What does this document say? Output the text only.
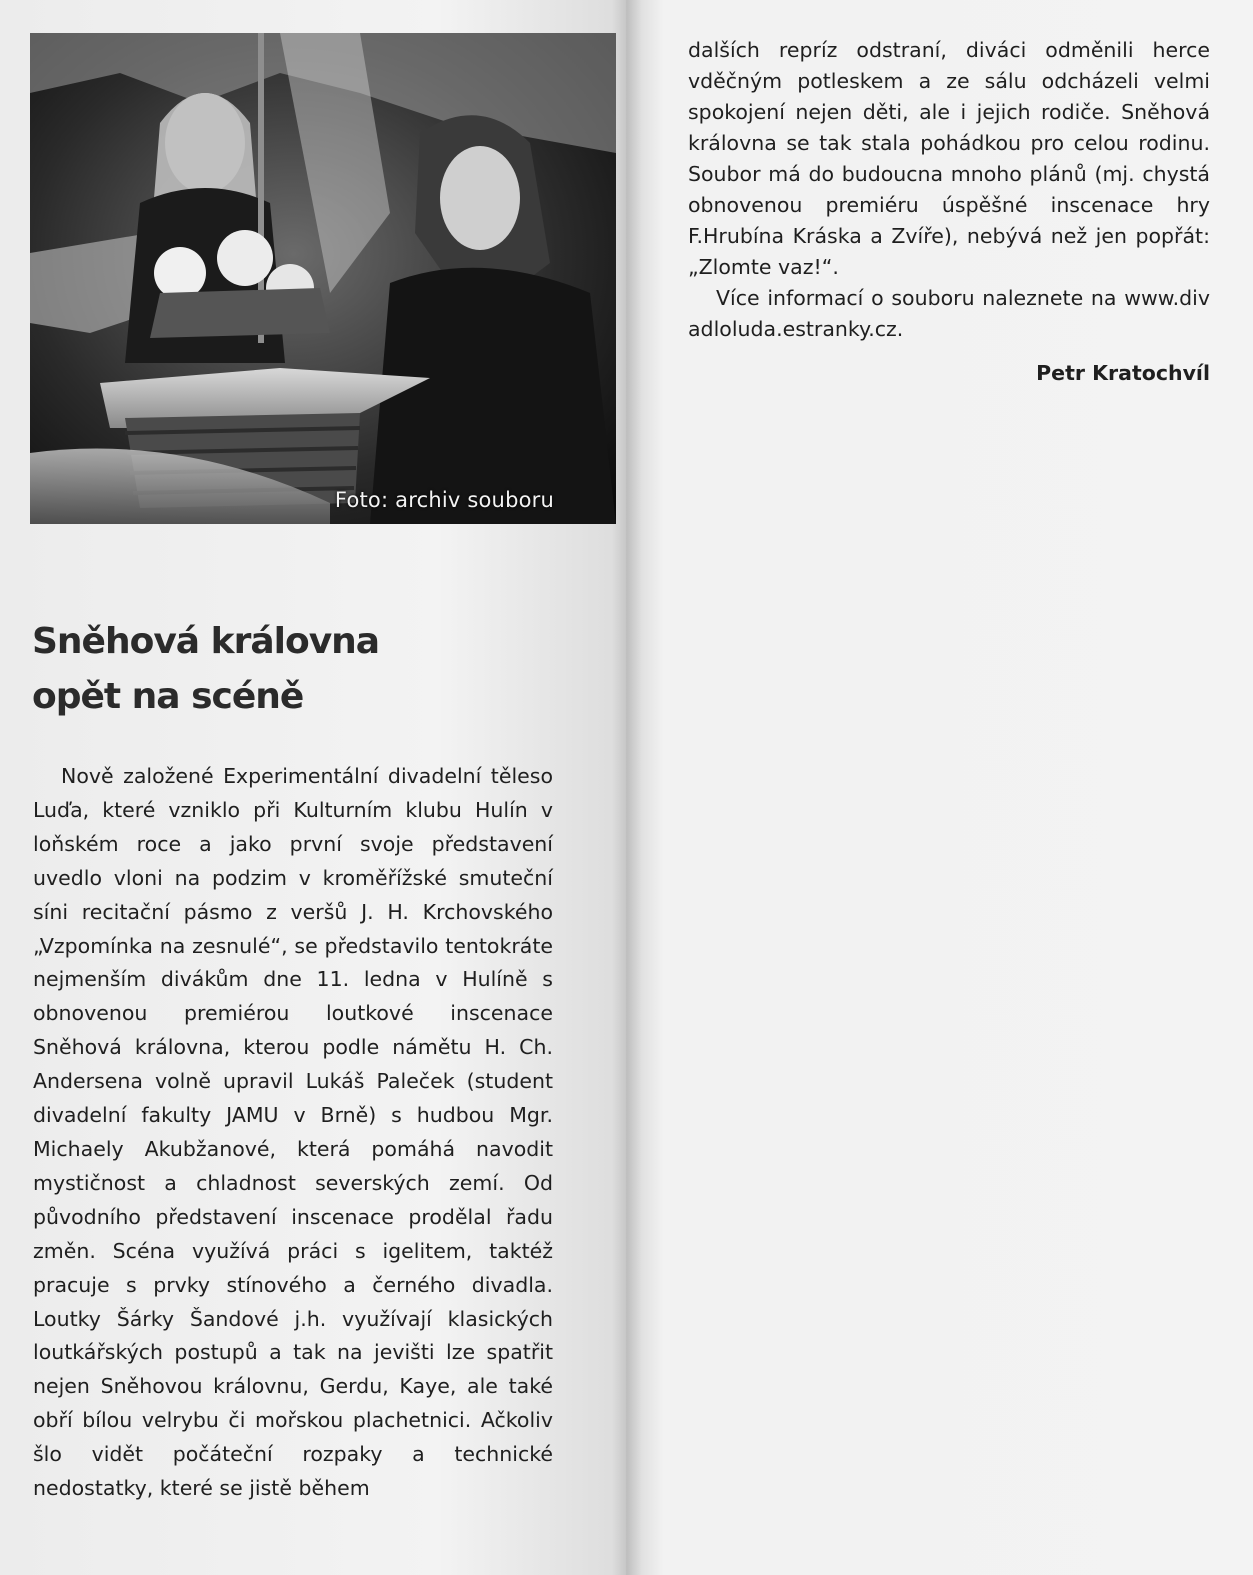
Foto: archiv souboru
Sněhová královna
opět na scéně

Nově založené Experimentální divadelní těleso Luďa, které vzniklo při Kulturním klubu Hulín v loňském roce a jako první svoje představení uvedlo vloni na podzim v kroměřížské smuteční síni recitační pásmo z veršů J. H. Krchovského „Vzpomínka na zesnulé“, se představilo tentokráte nejmenším divákům dne 11. ledna v Hulíně s obnovenou premiérou loutkové inscenace Sněhová královna, kterou podle námětu H. Ch. Andersena volně upravil Lukáš Paleček (student divadelní fakulty JAMU v Brně) s hudbou Mgr. Michaely Akubžanové, která pomáhá navodit mystičnost a chladnost severských zemí. Od původního představení inscenace prodělal řadu změn. Scéna využívá práci s igelitem, taktéž pracuje s prvky stínového a černého divadla. Loutky Šárky Šandové j.h. využívají klasických loutkářských postupů a tak na jevišti lze spatřit nejen Sněhovou královnu, Gerdu, Kaye, ale také obří bílou velrybu či mořskou plachetnici. Ačkoliv šlo vidět počáteční rozpaky a technické nedostatky, které se jistě během

dalších repríz odstraní, diváci odměnili herce vděčným potleskem a ze sálu odcházeli velmi spokojení nejen děti, ale i jejich rodiče. Sněhová královna se tak stala pohádkou pro celou rodinu. Soubor má do budoucna mnoho plánů (mj. chystá obnovenou premiéru úspěšné inscenace hry F.Hrubína Kráska a Zvíře), nebývá než jen popřát: „Zlomte vaz!“.

Více informací o souboru naleznete na www.divadloluda.estranky.cz.

Petr Kratochvíl
